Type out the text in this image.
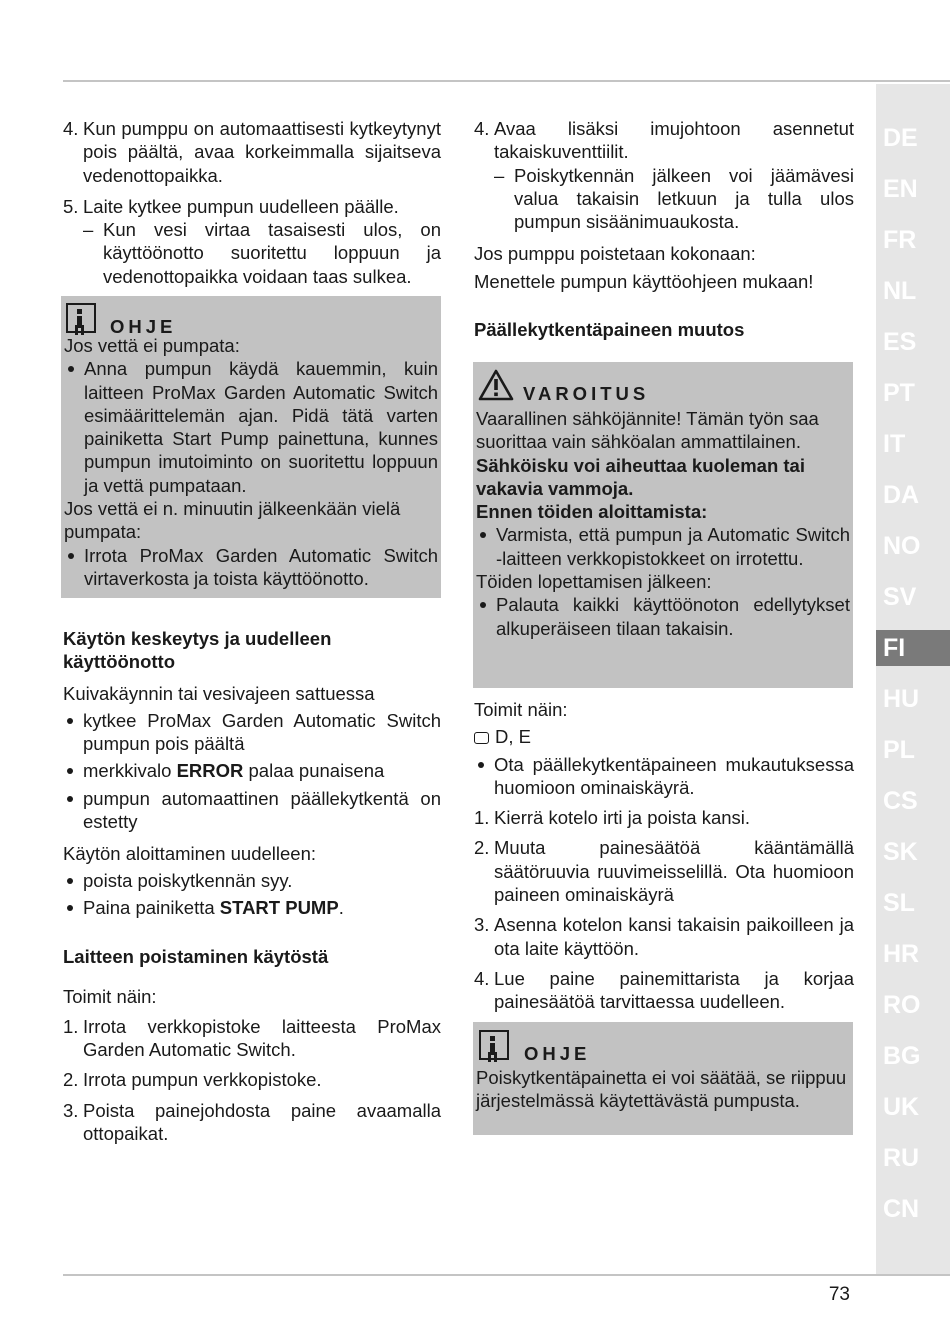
DE
EN
FR
NL
ES
PT
IT
DA
NO
SV
FI
HU
PL
CS
SK
SL
HR
RO
BG
UK
RU
CN
4. Kun pumppu on automaattisesti kytkeytynyt pois päältä, avaa korkeimmalla sijaitseva vedenottopaikka.
5. Laite kytkee pumpun uudelleen päälle.
– Kun vesi virtaa tasaisesti ulos, on käyttöönotto suoritettu loppuun ja vedenottopaikka voidaan taas sulkea.
OHJE

Jos vettä ei pumpata:

Anna pumpun käydä kauemmin, kuin laitteen ProMax Garden Automatic Switch esimäärittelemän ajan. Pidä tätä varten painiketta Start Pump painettuna, kunnes pumpun imutoiminto on suoritettu loppuun ja vettä pumpataan.

Jos vettä ei n. minuutin jälkeenkään vielä pumpata:

Irrota ProMax Garden Automatic Switch virtaverkosta ja toista käyttöönotto.
Käytön keskeytys ja uudelleen käyttöönotto

Kuivakäynnin tai vesivajeen sattuessa

kytkee ProMax Garden Automatic Switch pumpun pois päältä
merkkivalo ERROR palaa punaisena
pumpun automaattinen päällekytkentä on estetty

Käytön aloittaminen uudelleen:

poista poiskytkennän syy.
Paina painiketta START PUMP.
Laitteen poistaminen käytöstä

Toimit näin:

1. Irrota verkkopistoke laitteesta ProMax Garden Automatic Switch.
2. Irrota pumpun verkkopistoke.
3. Poista painejohdosta paine avaamalla ottopaikat.
4. Avaa lisäksi imujohtoon asennetut takaiskuventtiilit.
– Poiskytkennän jälkeen voi jäämävesi valua takaisin letkuun ja tulla ulos pumpun sisäänimuaukosta.

Jos pumppu poistetaan kokonaan:

Menettele pumpun käyttöohjeen mukaan!

Päällekytkentäpaineen muutos
VAROITUS

Vaarallinen sähköjännite! Tämän työn saa suorittaa vain sähköalan ammattilainen.

Sähköisku voi aiheuttaa kuoleman tai vakavia vammoja.

Ennen töiden aloittamista:

Varmista, että pumpun ja Automatic Switch -laitteen verkkopistokkeet on irrotettu.

Töiden lopettamisen jälkeen:

Palauta kaikki käyttöönoton edellytykset alkuperäiseen tilaan takaisin.

Toimit näin:

D, E

Ota päällekytkentäpaineen mukautuksessa huomioon ominaiskäyrä.
1. Kierrä kotelo irti ja poista kansi.
2. Muuta painesäätöä kääntämällä säätöruuvia ruuvimeisselillä. Ota huomioon paineen ominaiskäyrä
3. Asenna kotelon kansi takaisin paikoilleen ja ota laite käyttöön.
4. Lue paine painemittarista ja korjaa painesäätöä tarvittaessa uudelleen.
OHJE

Poiskytkentäpainetta ei voi säätää, se riippuu järjestelmässä käytettävästä pumpusta.

73
